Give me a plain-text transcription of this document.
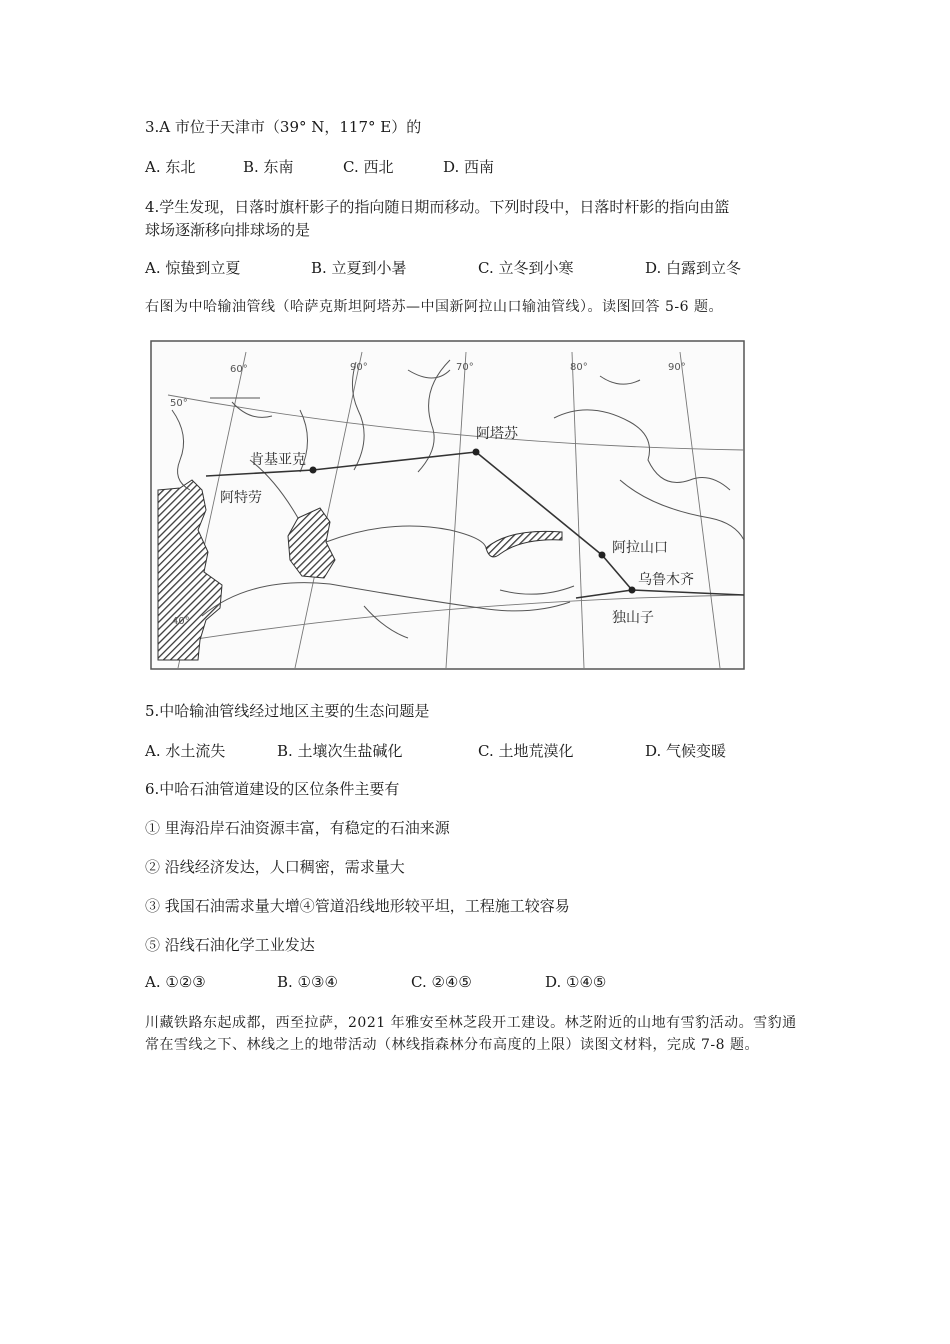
3.A 市位于天津市（39° N，117° E）的
A. 东北	B. 东南	C. 西北	D. 西南
4.学生发现，日落时旗杆影子的指向随日期而移动。下列时段中，日落时杆影的指向由篮
球场逐渐移向排球场的是
A. 惊蛰到立夏	B. 立夏到小暑	C. 立冬到小寒	D. 白露到立冬
右图为中哈输油管线（哈萨克斯坦阿塔苏—中国新阿拉山口输油管线）。读图回答 5-6 题。
60°	90°	70°	80°	90°
50°
40°
肯基亚克
阿特劳
阿塔苏
阿拉山口
乌鲁木齐
独山子
5.中哈输油管线经过地区主要的生态问题是
A. 水土流失	B. 土壤次生盐碱化	C. 土地荒漠化	D. 气候变暖
6.中哈石油管道建设的区位条件主要有
① 里海沿岸石油资源丰富，有稳定的石油来源
② 沿线经济发达，人口稠密，需求量大
③ 我国石油需求量大增④管道沿线地形较平坦，工程施工较容易
⑤ 沿线石油化学工业发达
A. ①②③	B. ①③④	C. ②④⑤	D. ①④⑤
川藏铁路东起成都，西至拉萨，2021 年雅安至林芝段开工建设。林芝附近的山地有雪豹活动。雪豹通常在雪线之下、林线之上的地带活动（林线指森林分布高度的上限）读图文材料，完成 7-8 题。
